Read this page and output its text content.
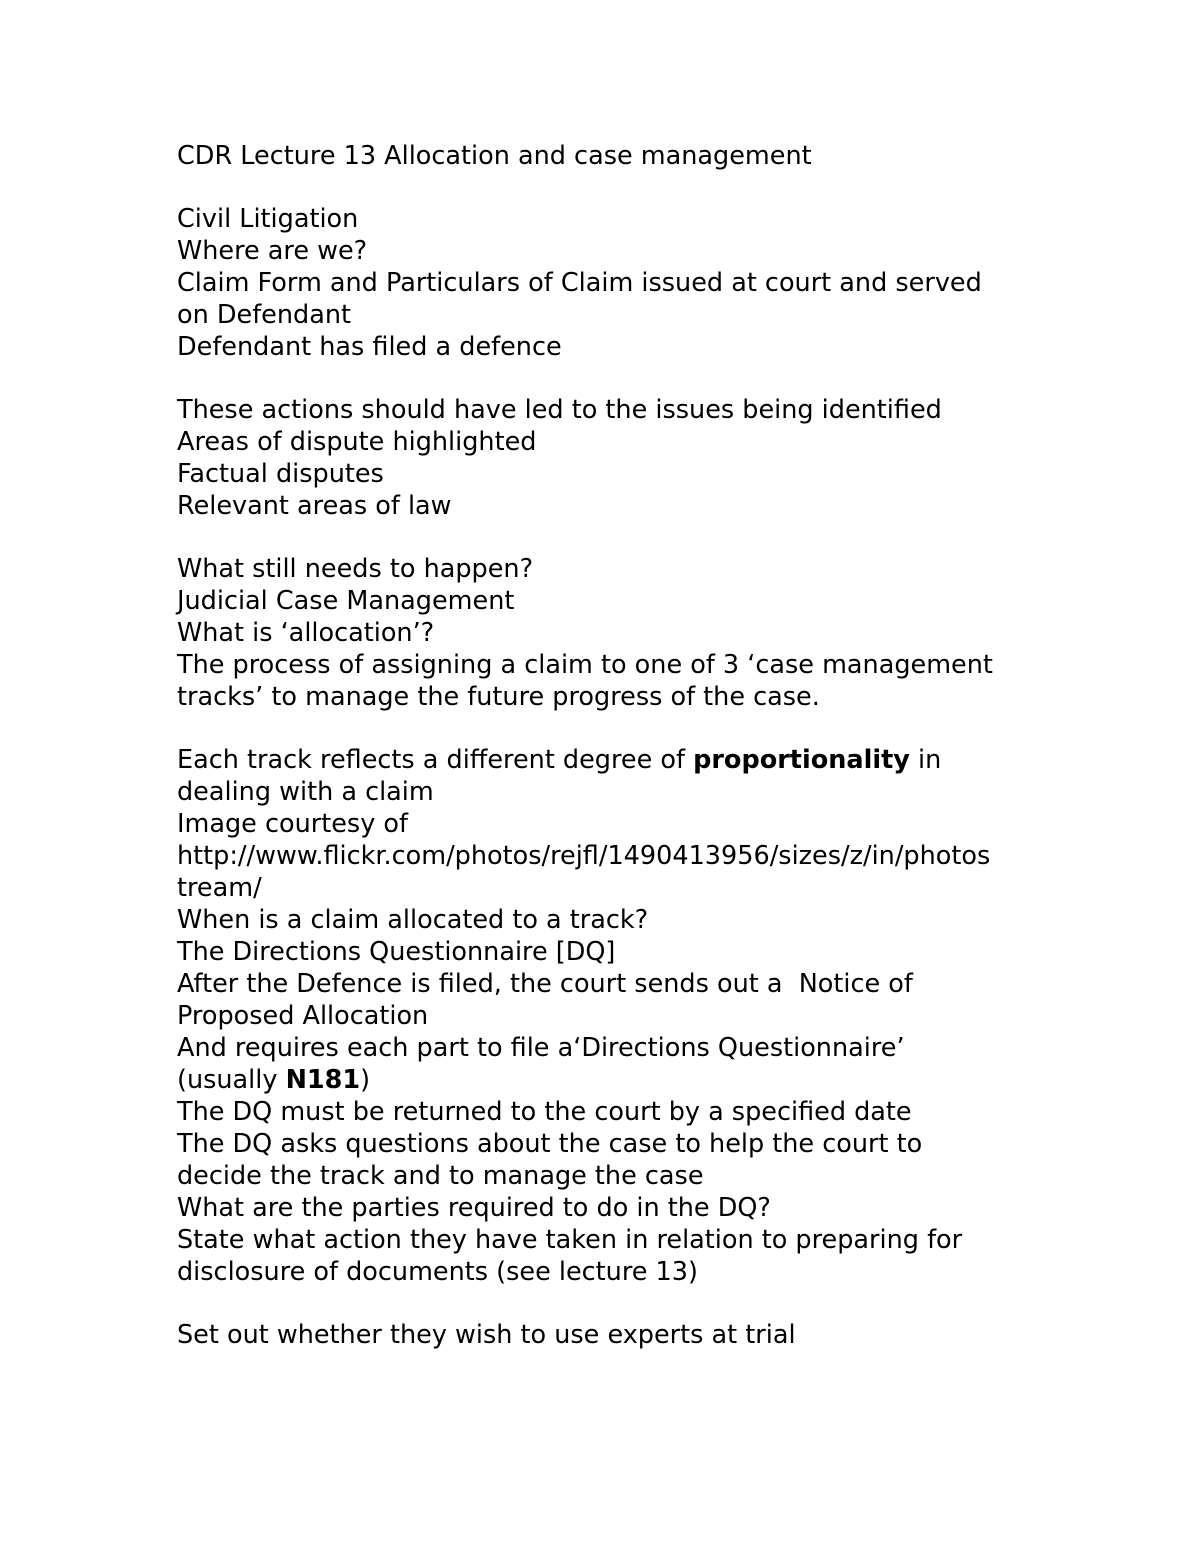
CDR Lecture 13 Allocation and case management
Civil Litigation
Where are we?
Claim Form and Particulars of Claim issued at court and served
on Defendant
Defendant has filed a defence
These actions should have led to the issues being identified
Areas of dispute highlighted
Factual disputes
Relevant areas of law
What still needs to happen?
Judicial Case Management
What is ‘allocation’?
The process of assigning a claim to one of 3 ‘case management
tracks’ to manage the future progress of the case.
Each track reflects a different degree of proportionality in
dealing with a claim
Image courtesy of
http://www.flickr.com/photos/rejfl/1490413956/sizes/z/in/photos
tream/
When is a claim allocated to a track?
The Directions Questionnaire [DQ]
After the Defence is filed, the court sends out a  Notice of
Proposed Allocation
And requires each part to file a‘Directions Questionnaire’
(usually N181)
The DQ must be returned to the court by a specified date
The DQ asks questions about the case to help the court to
decide the track and to manage the case
What are the parties required to do in the DQ?
State what action they have taken in relation to preparing for
disclosure of documents (see lecture 13)
Set out whether they wish to use experts at trial
